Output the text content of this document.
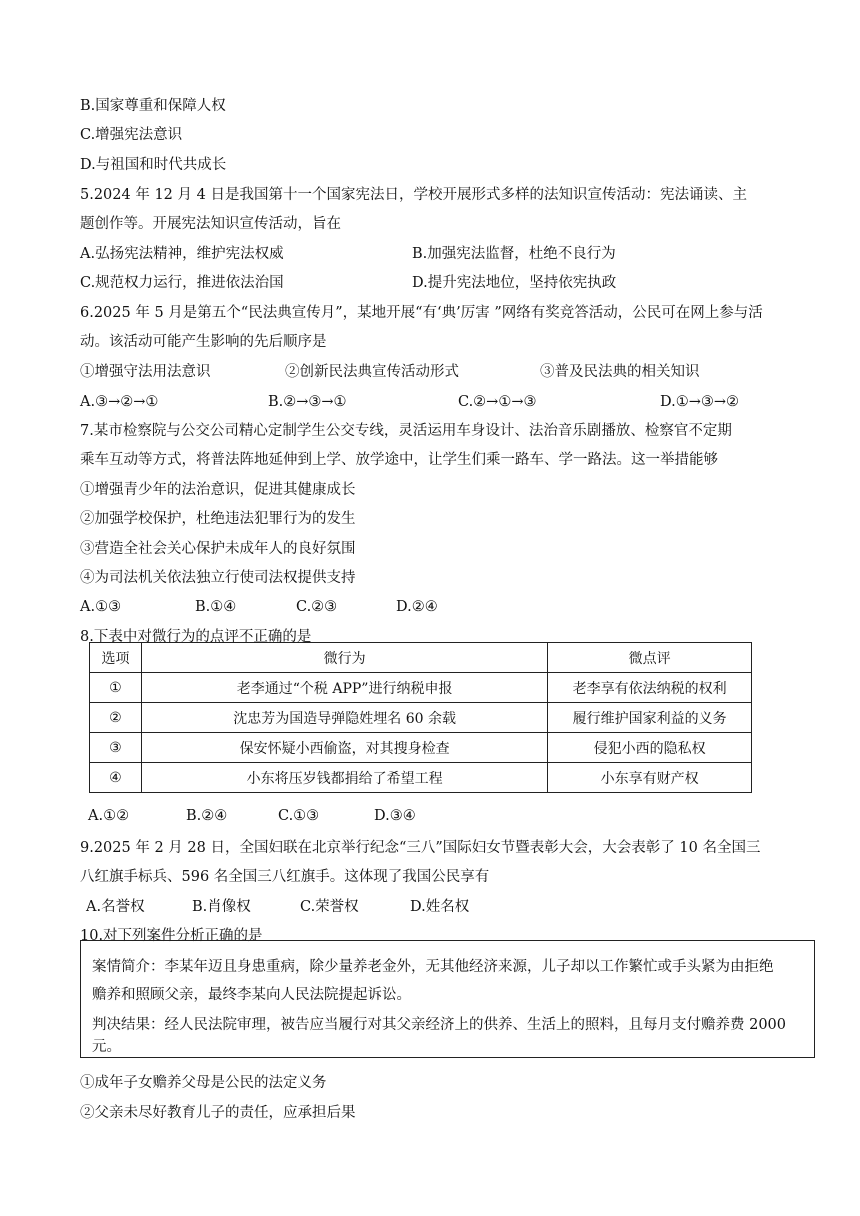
B.国家尊重和保障人权
C.增强宪法意识
D.与祖国和时代共成长
5.2024 年 12 月 4 日是我国第十一个国家宪法日，学校开展形式多样的法知识宣传活动：宪法诵读、主
题创作等。开展宪法知识宣传活动，旨在
A.弘扬宪法精神，维护宪法权威	B.加强宪法监督，杜绝不良行为
C.规范权力运行，推进依法治国	D.提升宪法地位，坚持依宪执政
6.2025 年 5 月是第五个“民法典宣传月”，某地开展“有‘典’厉害 ”网络有奖竞答活动，公民可在网上参与活
动。该活动可能产生影响的先后顺序是
①增强守法用法意识	②创新民法典宣传活动形式	③普及民法典的相关知识
A.③→②→①	B.②→③→①	C.②→①→③	D.①→③→②
7.某市检察院与公交公司精心定制学生公交专线，灵活运用车身设计、法治音乐剧播放、检察官不定期
乘车互动等方式，将普法阵地延伸到上学、放学途中，让学生们乘一路车、学一路法。这一举措能够
①增强青少年的法治意识，促进其健康成长
②加强学校保护，杜绝违法犯罪行为的发生
③营造全社会关心保护未成年人的良好氛围
④为司法机关依法独立行使司法权提供支持
A.①③	B.①④	C.②③	D.②④
8.下表中对微行为的点评不正确的是
选项	微行为	微点评
①	老李通过“个税 APP”进行纳税申报	老李享有依法纳税的权利
②	沈忠芳为国造导弹隐姓埋名 60 余载	履行维护国家利益的义务
③	保安怀疑小西偷盗，对其搜身检查	侵犯小西的隐私权
④	小东将压岁钱都捐给了希望工程	小东享有财产权
A.①②	B.②④	C.①③	D.③④
9.2025 年 2 月 28 日，全国妇联在北京举行纪念“三八”国际妇女节暨表彰大会，大会表彰了 10 名全国三
八红旗手标兵、596 名全国三八红旗手。这体现了我国公民享有
A.名誉权	B.肖像权	C.荣誉权	D.姓名权
10.对下列案件分析正确的是
案情简介：李某年迈且身患重病，除少量养老金外，无其他经济来源，儿子却以工作繁忙或手头紧为由拒绝
赡养和照顾父亲，最终李某向人民法院提起诉讼。
判决结果：经人民法院审理，被告应当履行对其父亲经济上的供养、生活上的照料，且每月支付赡养费 2000
元。
①成年子女赡养父母是公民的法定义务
②父亲未尽好教育儿子的责任，应承担后果
